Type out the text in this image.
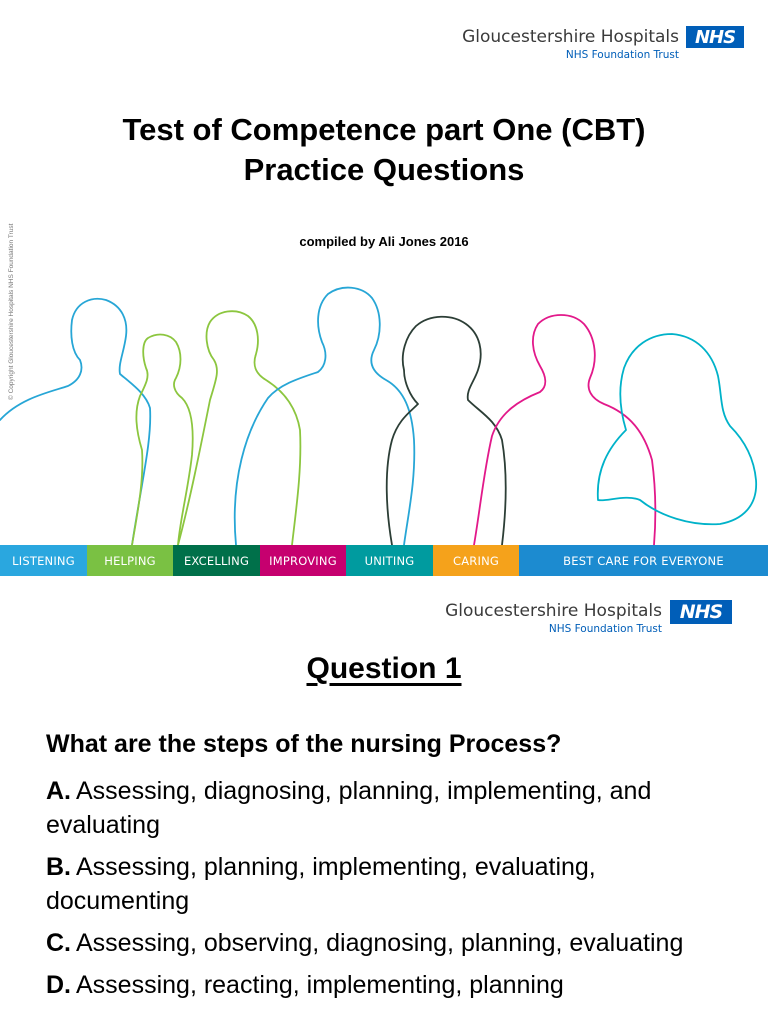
Gloucestershire Hospitals
NHS Foundation Trust
NHS
Test of Competence part One (CBT)
Practice Questions
compiled by Ali Jones 2016
© Copyright Gloucestershire Hospitals NHS Foundation Trust
LISTENING	HELPING	EXCELLING	IMPROVING	UNITING	CARING	BEST CARE FOR EVERYONE
Gloucestershire Hospitals
NHS Foundation Trust
NHS
Question 1
What are the steps of the nursing Process?
A. Assessing, diagnosing, planning, implementing, and evaluating
B. Assessing, planning, implementing, evaluating, documenting
C. Assessing, observing, diagnosing, planning, evaluating
D. Assessing, reacting, implementing, planning
